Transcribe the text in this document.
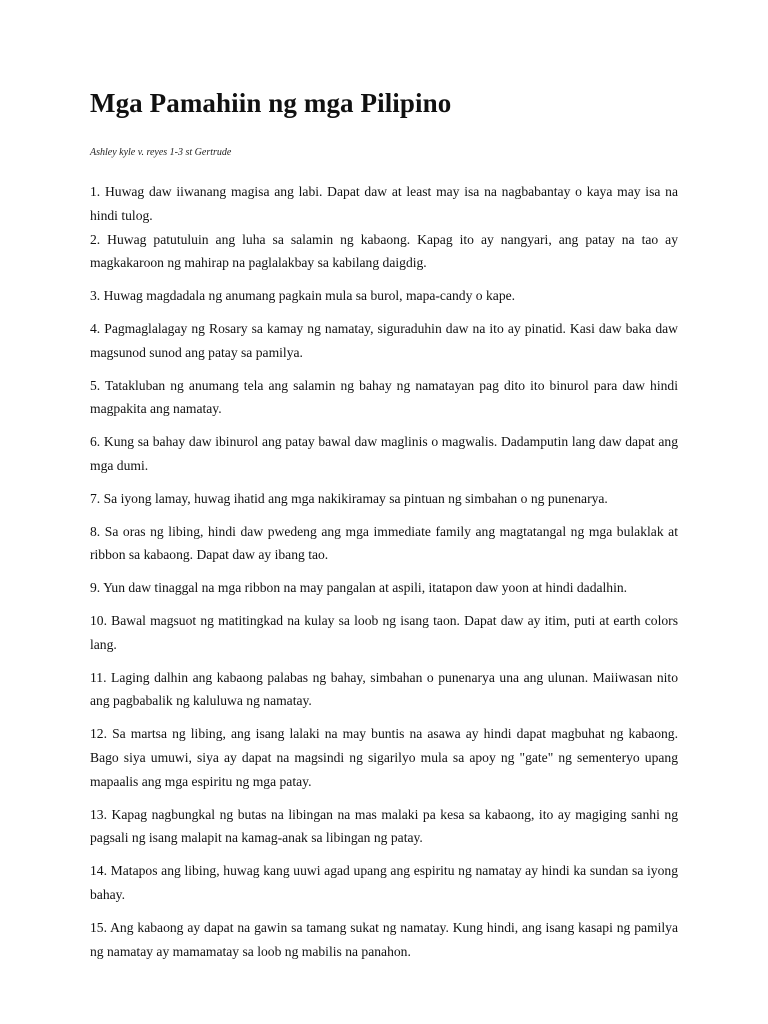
Mga Pamahiin ng mga Pilipino
Ashley kyle v. reyes 1-3 st Gertrude

1. Huwag daw iiwanang magisa ang labi. Dapat daw at least may isa na nagbabantay o kaya may isa na hindi tulog.

2. Huwag patutuluin ang luha sa salamin ng kabaong. Kapag ito ay nangyari, ang patay na tao ay magkakaroon ng mahirap na paglalakbay sa kabilang daigdig.

3. Huwag magdadala ng anumang pagkain mula sa burol, mapa-candy o kape.

4. Pagmaglalagay ng Rosary sa kamay ng namatay, siguraduhin daw na ito ay pinatid. Kasi daw baka daw magsunod sunod ang patay sa pamilya.

5. Tatakluban ng anumang tela ang salamin ng bahay ng namatayan pag dito ito binurol para daw hindi magpakita ang namatay.

6. Kung sa bahay daw ibinurol ang patay bawal daw maglinis o magwalis. Dadamputin lang daw dapat ang mga dumi.

7. Sa iyong lamay, huwag ihatid ang mga nakikiramay sa pintuan ng simbahan o ng punenarya.

8. Sa oras ng libing, hindi daw pwedeng ang mga immediate family ang magtatangal ng mga bulaklak at ribbon sa kabaong. Dapat daw ay ibang tao.

9. Yun daw tinaggal na mga ribbon na may pangalan at aspili, itatapon daw yoon at hindi dadalhin.

10. Bawal magsuot ng matitingkad na kulay sa loob ng isang taon. Dapat daw ay itim, puti at earth colors lang.

11. Laging dalhin ang kabaong palabas ng bahay, simbahan o punenarya una ang ulunan. Maiiwasan nito ang pagbabalik ng kaluluwa ng namatay.

12. Sa martsa ng libing, ang isang lalaki na may buntis na asawa ay hindi dapat magbuhat ng kabaong. Bago siya umuwi, siya ay dapat na magsindi ng sigarilyo mula sa apoy ng "gate" ng sementeryo upang mapaalis ang mga espiritu ng mga patay.

13. Kapag nagbungkal ng butas na libingan na mas malaki pa kesa sa kabaong, ito ay magiging sanhi ng pagsali ng isang malapit na kamag-anak sa libingan ng patay.

14. Matapos ang libing, huwag kang uuwi agad upang ang espiritu ng namatay ay hindi ka sundan sa iyong bahay.

15. Ang kabaong ay dapat na gawin sa tamang sukat ng namatay. Kung hindi, ang isang kasapi ng pamilya ng namatay ay mamamatay sa loob ng mabilis na panahon.
